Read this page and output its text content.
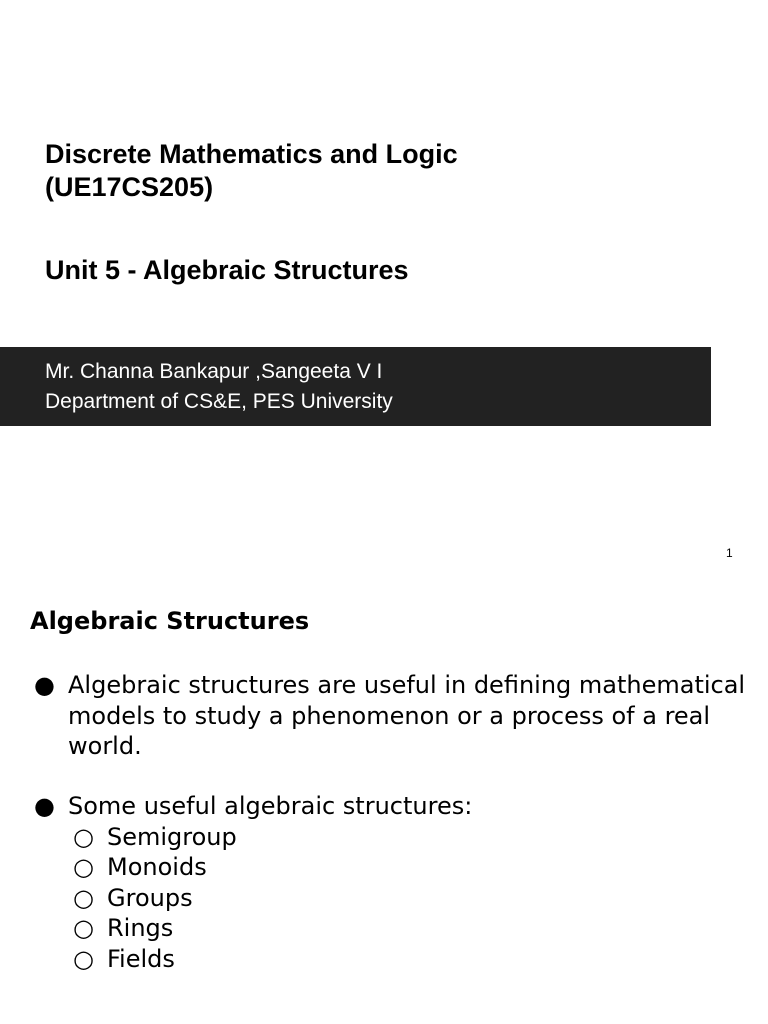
Discrete Mathematics and Logic
(UE17CS205)
Unit 5 - Algebraic Structures
Mr. Channa Bankapur ,Sangeeta V I
Department of CS&E, PES University
1
Algebraic Structures
● Algebraic structures are useful in defining mathematical models to study a phenomenon or a process of a real world.
● Some useful algebraic structures:
○ Semigroup
○ Monoids
○ Groups
○ Rings
○ Fields
